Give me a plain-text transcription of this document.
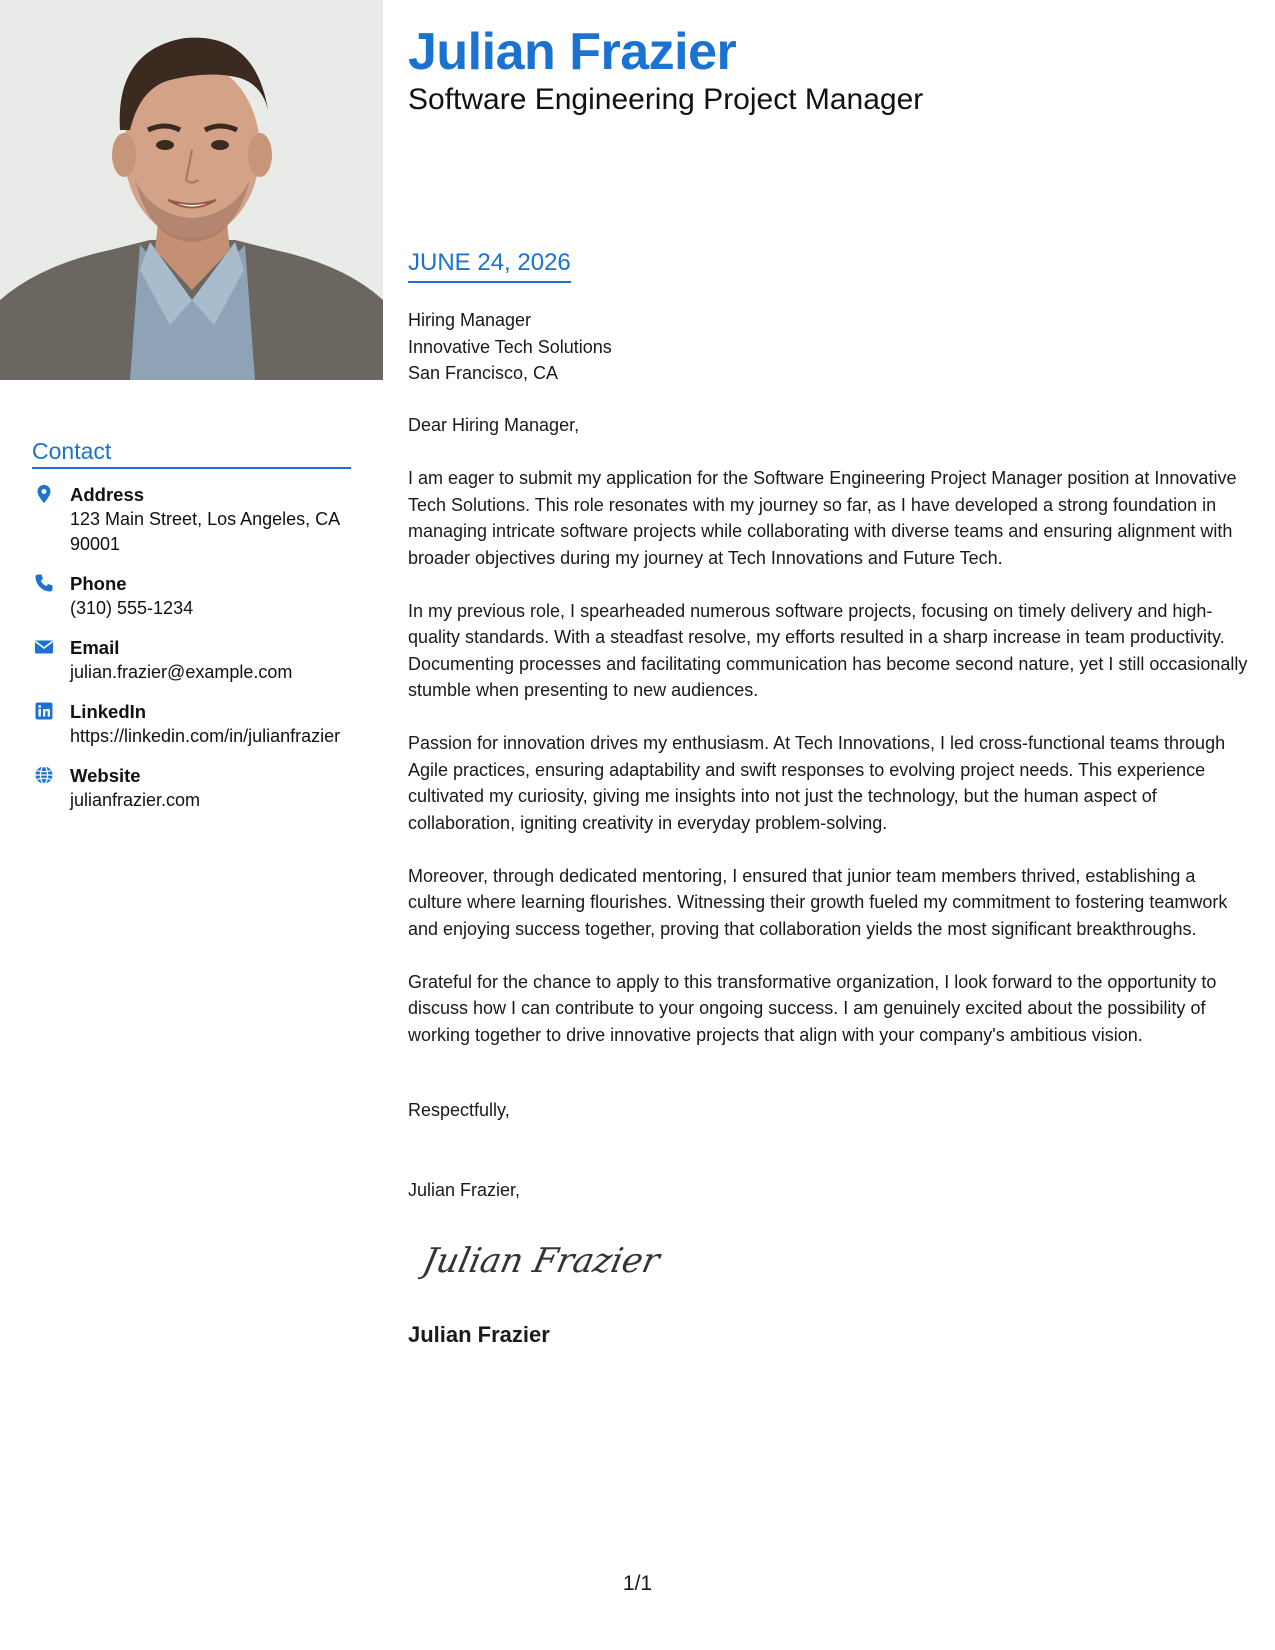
Contact
Address
123 Main Street, Los Angeles, CA 90001
Phone
(310) 555-1234
Email
julian.frazier@example.com
LinkedIn
https://linkedin.com/in/julianfrazier
Website
julianfrazier.com
Julian Frazier
Software Engineering Project Manager
JUNE 24, 2026
Hiring Manager
Innovative Tech Solutions
San Francisco, CA

Dear Hiring Manager,

I am eager to submit my application for the Software Engineering Project Manager position at Innovative Tech Solutions. This role resonates with my journey so far, as I have developed a strong foundation in managing intricate software projects while collaborating with diverse teams and ensuring alignment with broader objectives during my journey at Tech Innovations and Future Tech.

In my previous role, I spearheaded numerous software projects, focusing on timely delivery and high-quality standards. With a steadfast resolve, my efforts resulted in a sharp increase in team productivity. Documenting processes and facilitating communication has become second nature, yet I still occasionally stumble when presenting to new audiences.

Passion for innovation drives my enthusiasm. At Tech Innovations, I led cross-functional teams through Agile practices, ensuring adaptability and swift responses to evolving project needs. This experience cultivated my curiosity, giving me insights into not just the technology, but the human aspect of collaboration, igniting creativity in everyday problem-solving.

Moreover, through dedicated mentoring, I ensured that junior team members thrived, establishing a culture where learning flourishes. Witnessing their growth fueled my commitment to fostering teamwork and enjoying success together, proving that collaboration yields the most significant breakthroughs.

Grateful for the chance to apply to this transformative organization, I look forward to the opportunity to discuss how I can contribute to your ongoing success. I am genuinely excited about the possibility of working together to drive innovative projects that align with your company's ambitious vision.

Respectfully,
Julian Frazier,
Julian Frazier
Julian Frazier
1/1
